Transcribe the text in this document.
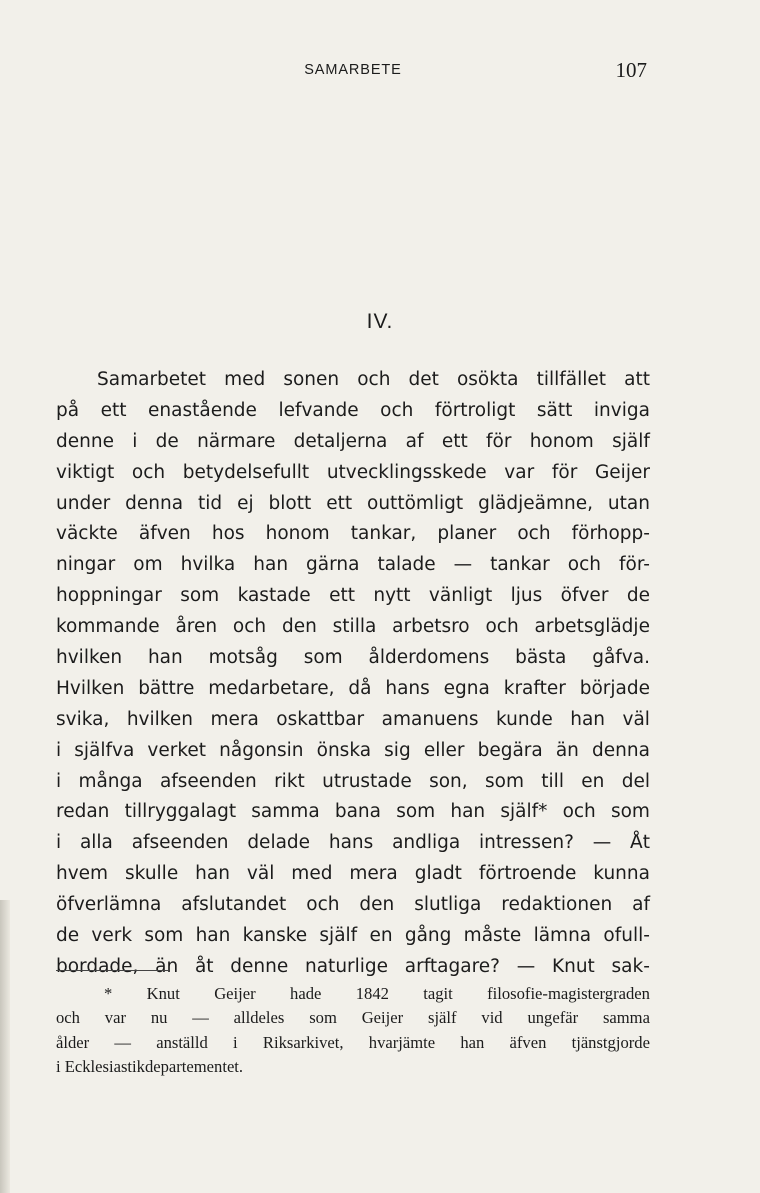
SAMARBETE	107
IV.
Samarbetet med sonen och det osökta tillfället att
på ett enastående lefvande och förtroligt sätt inviga
denne i de närmare detaljerna af ett för honom själf
viktigt och betydelsefullt utvecklingsskede var för Geijer
under denna tid ej blott ett outtömligt glädjeämne, utan
väckte äfven hos honom tankar, planer och förhopp-
ningar om hvilka han gärna talade — tankar och för-
hoppningar som kastade ett nytt vänligt ljus öfver de
kommande åren och den stilla arbetsro och arbetsglädje
hvilken han motsåg som ålderdomens bästa gåfva.
Hvilken bättre medarbetare, då hans egna krafter började
svika, hvilken mera oskattbar amanuens kunde han väl
i själfva verket någonsin önska sig eller begära än denna
i många afseenden rikt utrustade son, som till en del
redan tillryggalagt samma bana som han själf* och som
i alla afseenden delade hans andliga intressen? — Åt
hvem skulle han väl med mera gladt förtroende kunna
öfverlämna afslutandet och den slutliga redaktionen af
de verk som han kanske själf en gång måste lämna ofull-
bordade, än åt denne naturlige arftagare? — Knut sak-
* Knut Geijer hade 1842 tagit filosofie-magistergraden
och var nu — alldeles som Geijer själf vid ungefär samma
ålder — anställd i Riksarkivet, hvarjämte han äfven tjänstgjorde
i Ecklesiastikdepartementet.
